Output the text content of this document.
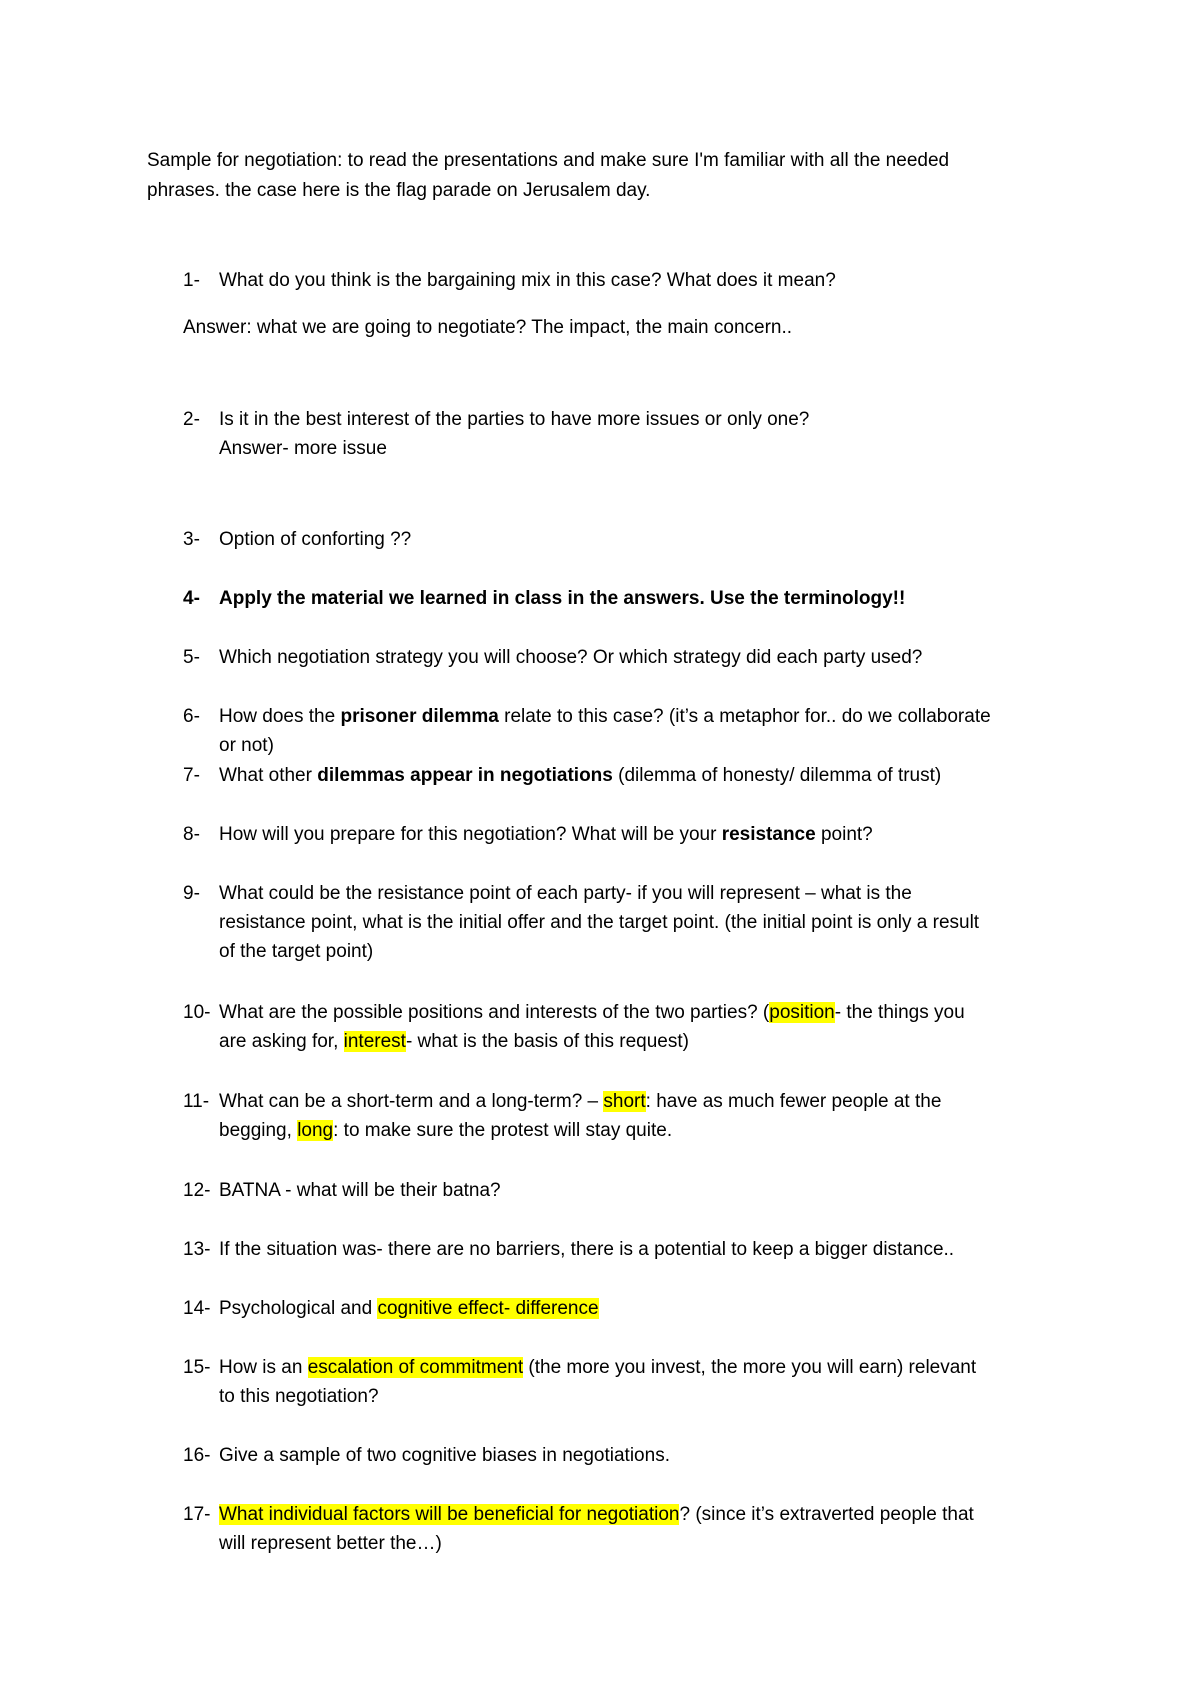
Sample for negotiation: to read the presentations and make sure I'm familiar with all the needed

phrases. the case here is the flag parade on Jerusalem day.

1-	What do you think is the bargaining mix in this case? What does it mean?
Answer: what we are going to negotiate? The impact, the main concern..
2-	Is it in the best interest of the parties to have more issues or only one?
Answer- more issue
3-	Option of conforting ??
4-	Apply the material we learned in class in the answers. Use the terminology!!
5-	Which negotiation strategy you will choose? Or which strategy did each party used?
6-	How does the prisoner dilemma relate to this case? (it’s a metaphor for.. do we collaborate
or not)
7-	What other dilemmas appear in negotiations (dilemma of honesty/ dilemma of trust)
8-	How will you prepare for this negotiation? What will be your resistance point?
9-	What could be the resistance point of each party- if you will represent – what is the
resistance point, what is the initial offer and the target point. (the initial point is only a result
of the target point)
10- What are the possible positions and interests of the two parties? (position- the things you
are asking for, interest- what is the basis of this request)
11- What can be a short-term and a long-term? – short: have as much fewer people at the
begging, long: to make sure the protest will stay quite.
12- BATNA - what will be their batna?
13- If the situation was- there are no barriers, there is a potential to keep a bigger distance..
14- Psychological and cognitive effect- difference
15- How is an escalation of commitment (the more you invest, the more you will earn) relevant
to this negotiation?
16- Give a sample of two cognitive biases in negotiations.
17- What individual factors will be beneficial for negotiation? (since it’s extraverted people that
will represent better the…)
